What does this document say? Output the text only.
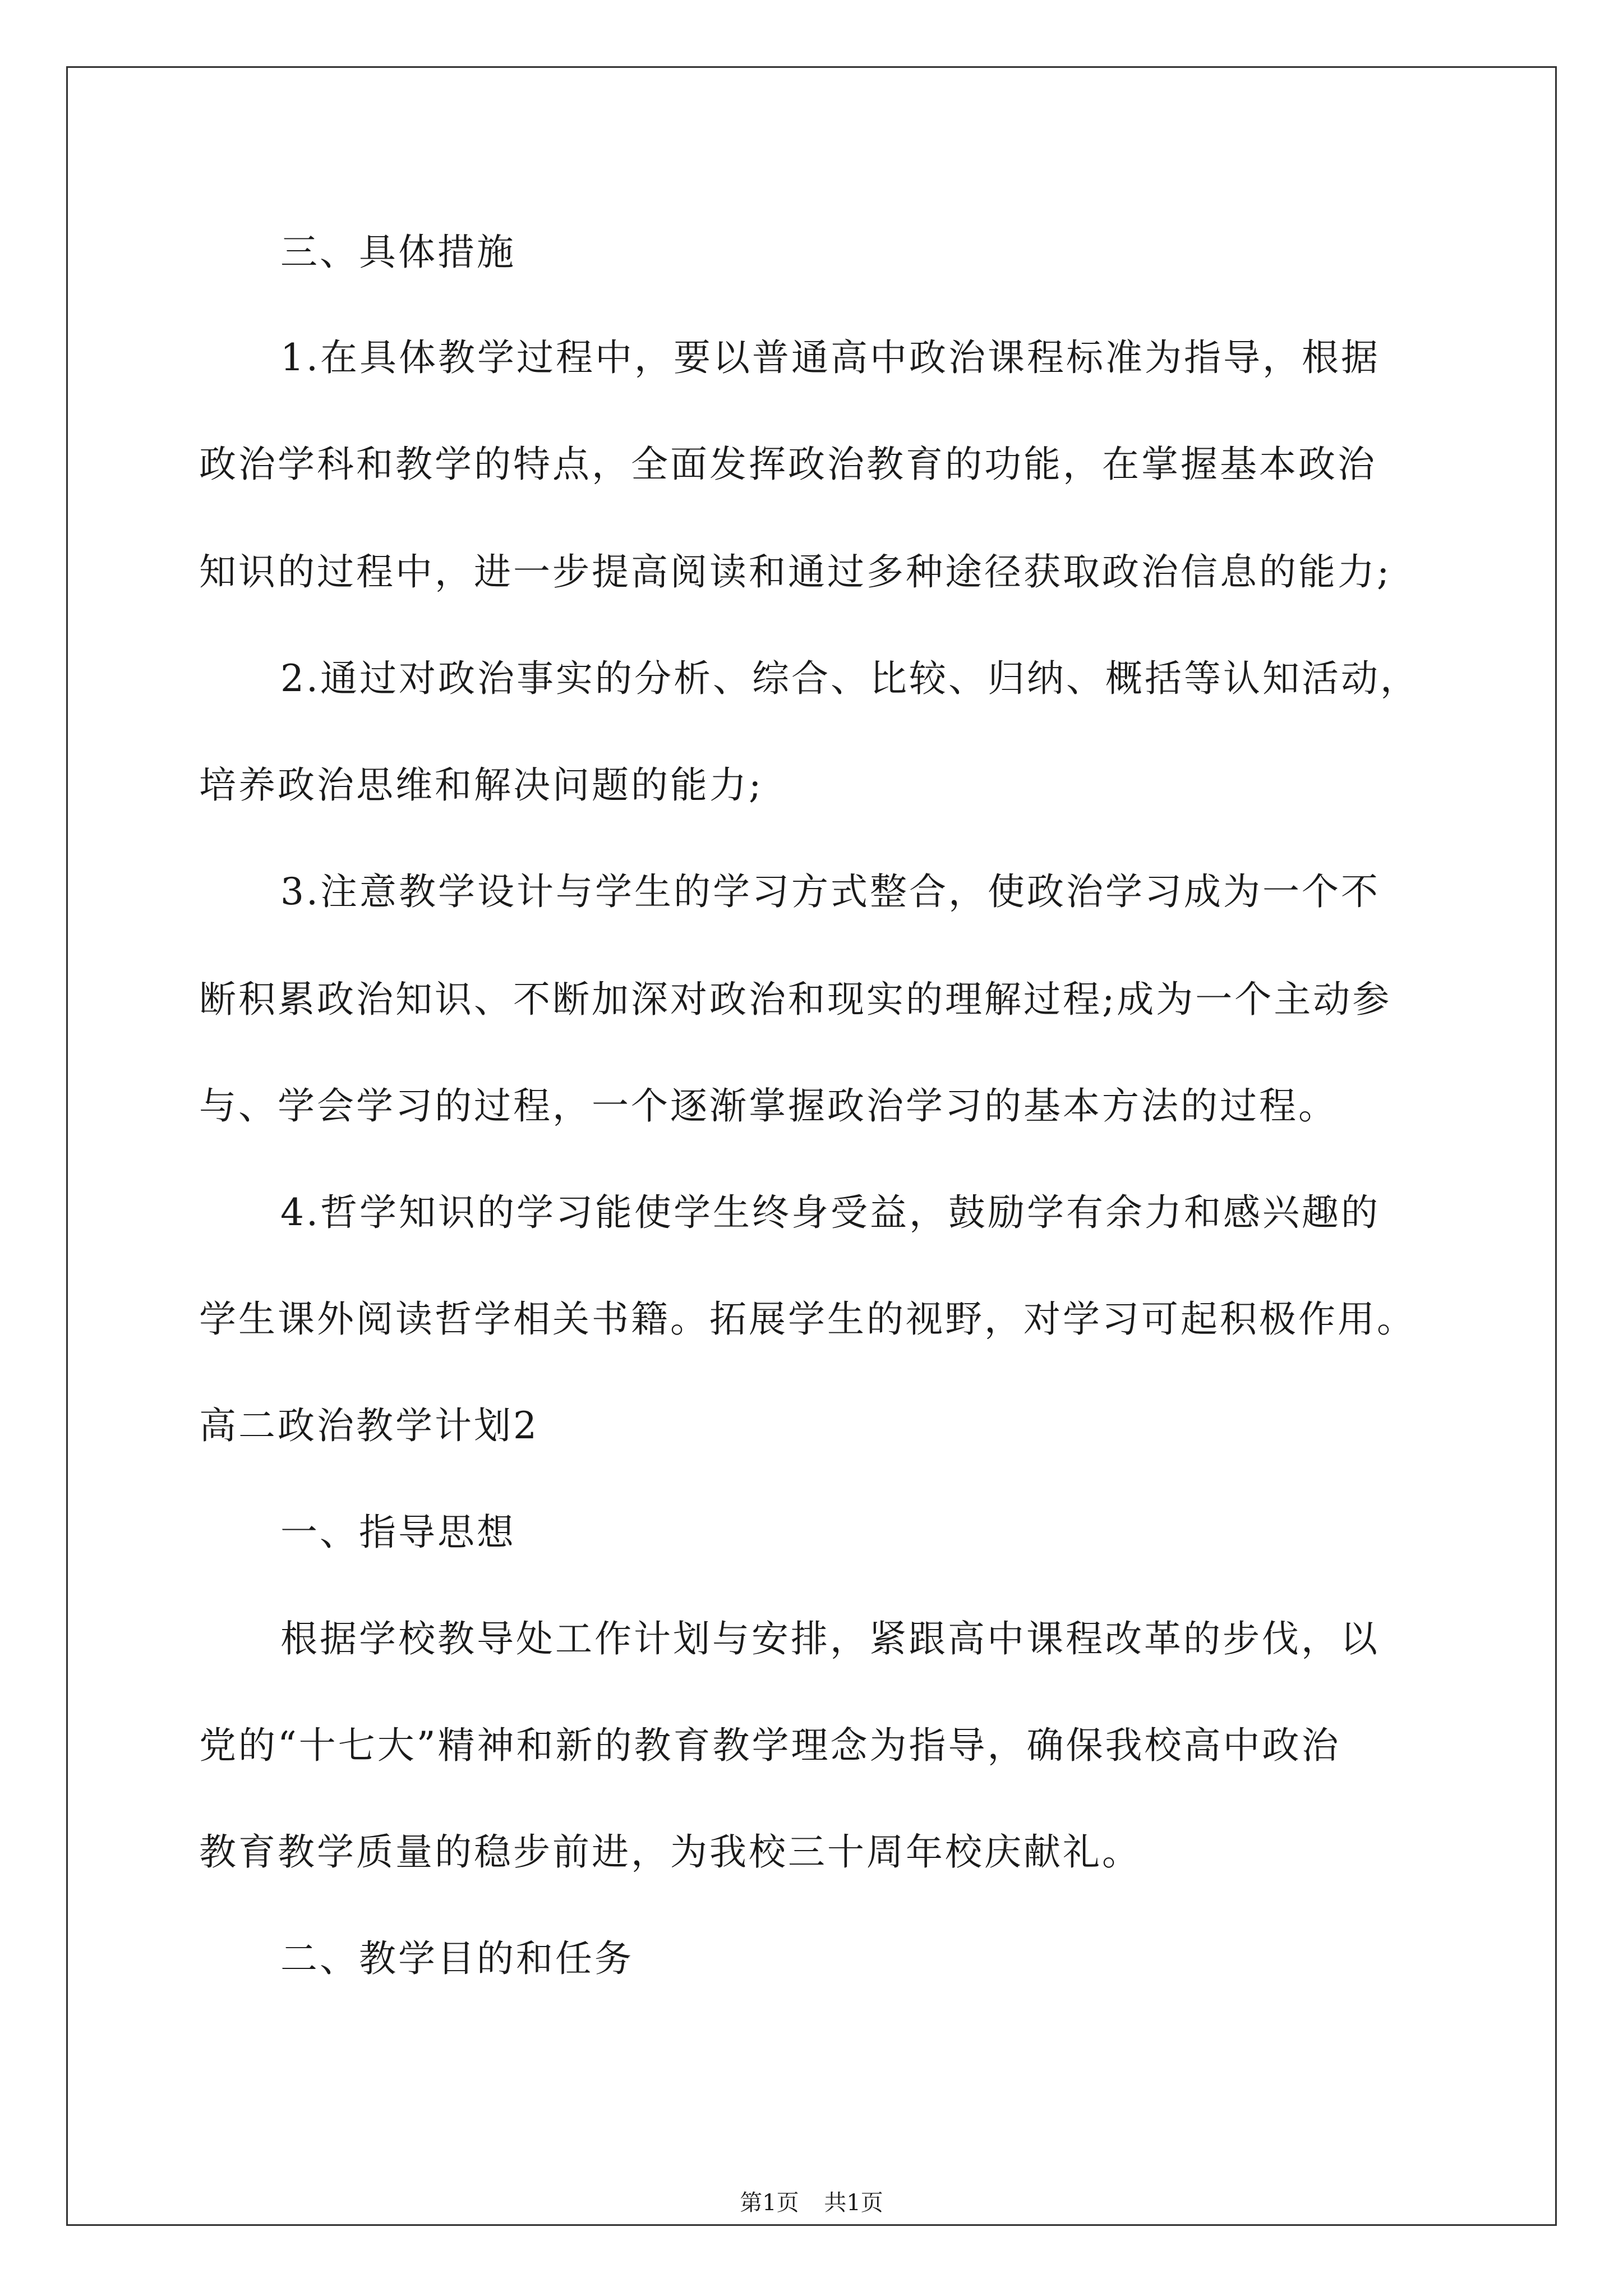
三、具体措施
1.在具体教学过程中，要以普通高中政治课程标准为指导，根据
政治学科和教学的特点，全面发挥政治教育的功能，在掌握基本政治
知识的过程中，进一步提高阅读和通过多种途径获取政治信息的能力;
2.通过对政治事实的分析、综合、比较、归纳、概括等认知活动，
培养政治思维和解决问题的能力;
3.注意教学设计与学生的学习方式整合，使政治学习成为一个不
断积累政治知识、不断加深对政治和现实的理解过程;成为一个主动参
与、学会学习的过程，一个逐渐掌握政治学习的基本方法的过程。
4.哲学知识的学习能使学生终身受益，鼓励学有余力和感兴趣的
学生课外阅读哲学相关书籍。拓展学生的视野，对学习可起积极作用。
高二政治教学计划2
一、指导思想
根据学校教导处工作计划与安排，紧跟高中课程改革的步伐，以
党的“十七大”精神和新的教育教学理念为指导，确保我校高中政治
教育教学质量的稳步前进，为我校三十周年校庆献礼。
二、教学目的和任务
第1页 共1页
